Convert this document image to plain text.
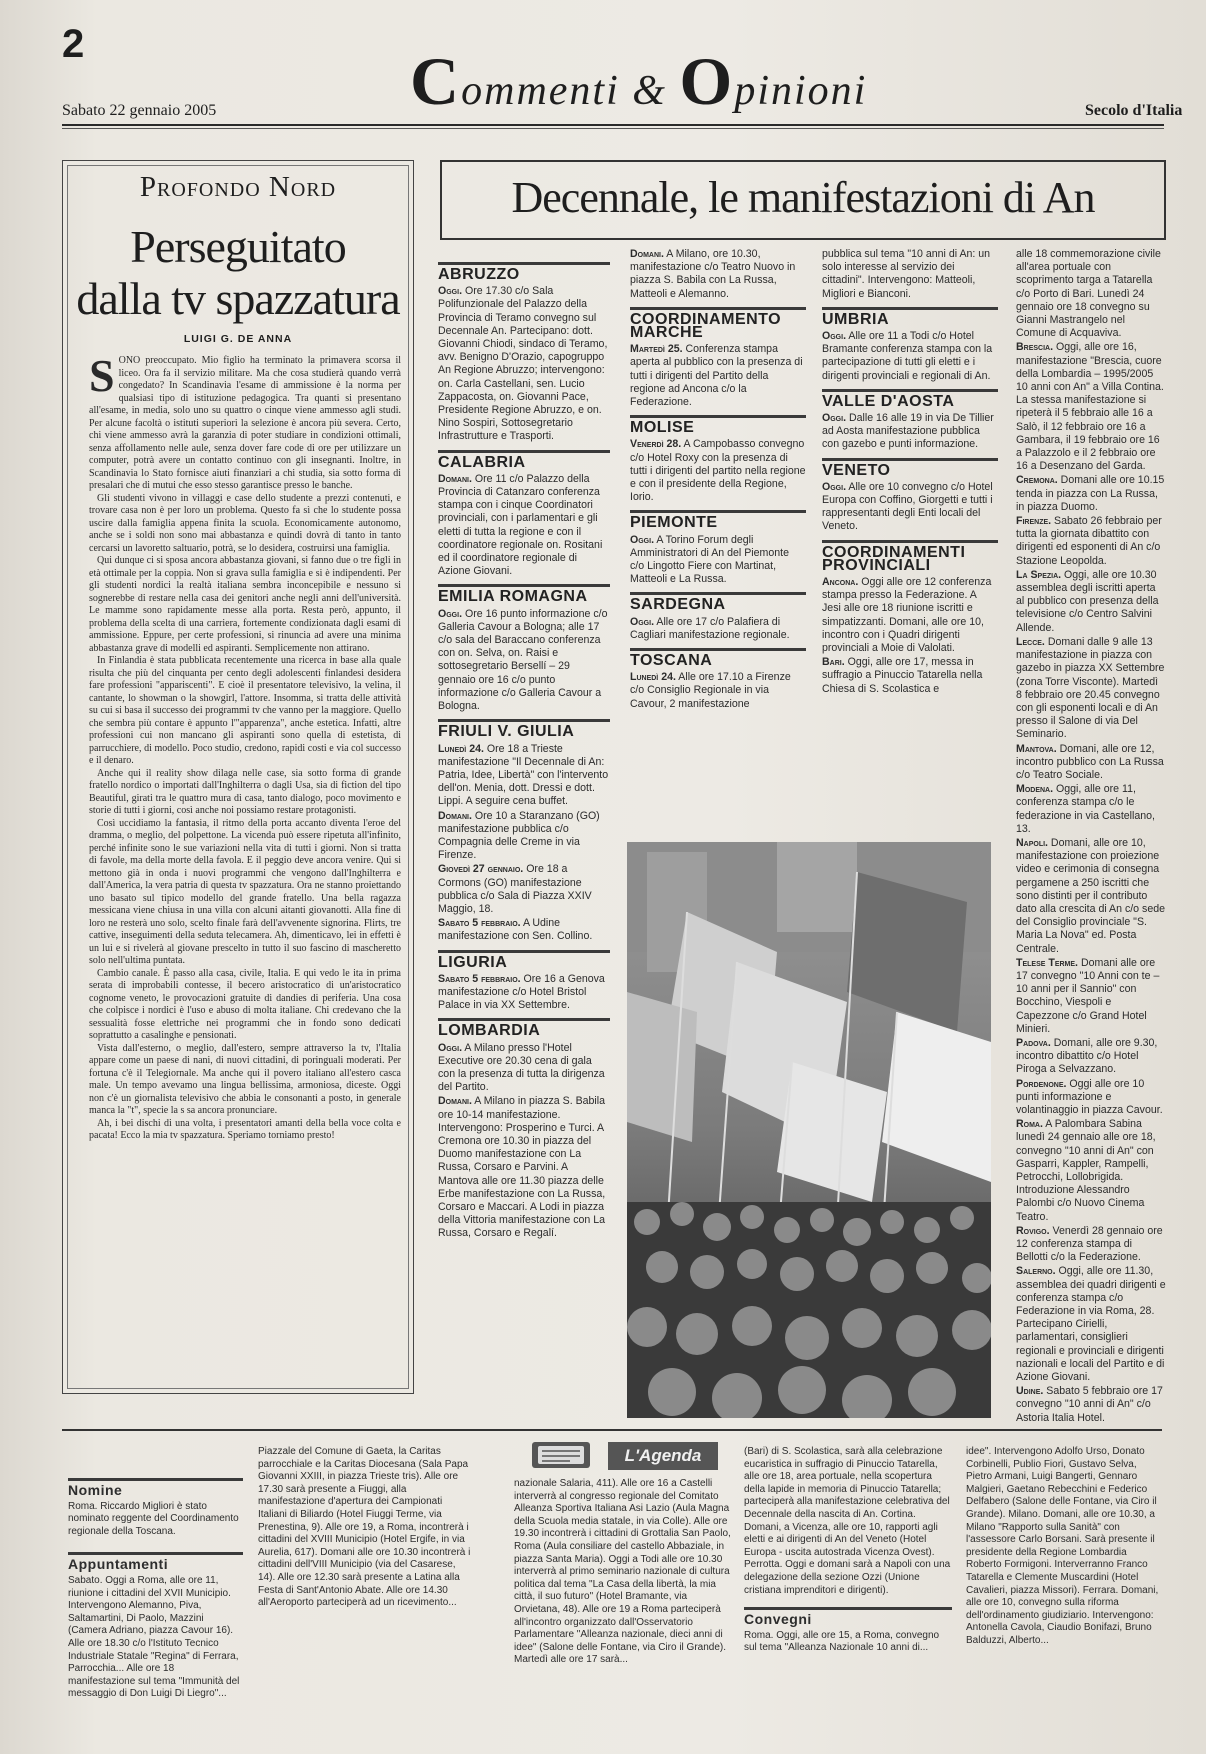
2	Commenti & Opinioni
Sabato 22 gennaio 2005	Secolo d'Italia
Profondo Nord
Perseguitato
dalla tv spazzatura
LUIGI G. DE ANNA
S ONO preoccupato. Mio figlio ha terminato la primavera scorsa il liceo. Ora fa il servizio militare. Ma che cosa studierà quando verrà congedato? In Scandinavia l'esame di ammissione è la norma per qualsiasi tipo di istituzione pedagogica. Tra quanti si presentano all'esame, in media, solo uno su quattro o cinque viene ammesso agli studi. Per alcune facoltà o istituti superiori la selezione è ancora più severa. Certo, chi viene ammesso avrà la garanzia di poter studiare in condizioni ottimali, senza affollamento nelle aule, senza dover fare code di ore per utilizzare un computer, potrà avere un contatto continuo con gli insegnanti. Inoltre, in Scandinavia lo Stato fornisce aiuti finanziari a chi studia, sia sotto forma di presalari che di mutui che esso stesso garantisce presso le banche.

Gli studenti vivono in villaggi e case dello studente a prezzi contenuti, e trovare casa non è per loro un problema. Questo fa sì che lo studente possa uscire dalla famiglia appena finita la scuola. Economicamente autonomo, anche se i soldi non sono mai abbastanza e quindi dovrà di tanto in tanto cercarsi un lavoretto saltuario, potrà, se lo desidera, costruirsi una famiglia.

Qui dunque ci si sposa ancora abbastanza giovani, si fanno due o tre figli in età ottimale per la coppia. Non si grava sulla famiglia e si è indipendenti. Per gli studenti nordici la realtà italiana sembra inconcepibile e nessuno si sognerebbe di restare nella casa dei genitori anche negli anni dell'università. Le mamme sono rapidamente messe alla porta. Resta però, appunto, il problema della scelta di una carriera, fortemente condizionata dagli esami di ammissione. Eppure, per certe professioni, si rinuncia ad avere una minima abbastanza grave di modelli ed aspiranti. Semplicemente non attirano.

In Finlandia è stata pubblicata recentemente una ricerca in base alla quale risulta che più del cinquanta per cento degli adolescenti finlandesi desidera fare professioni "appariscenti". E cioè il presentatore televisivo, la velina, il cantante, lo showman o la showgirl, l'attore. Insomma, si tratta delle attività su cui si basa il successo dei programmi tv che vanno per la maggiore. Quello che sembra più contare è appunto l'"apparenza", anche estetica. Infatti, altre professioni cui non mancano gli aspiranti sono quella di estetista, di parrucchiere, di modello. Poco studio, credono, rapidi costi e via col successo e il denaro.

Anche qui il reality show dilaga nelle case, sia sotto forma di grande fratello nordico o importati dall'Inghilterra o dagli Usa, sia di fiction del tipo Beautiful, girati tra le quattro mura di casa, tanto dialogo, poco movimento e storie di tutti i giorni, così anche noi possiamo restare protagonisti.

Così uccidiamo la fantasia, il ritmo della porta accanto diventa l'eroe del dramma, o meglio, del polpettone. La vicenda può essere ripetuta all'infinito, perché infinite sono le sue variazioni nella vita di tutti i giorni. Non si tratta di favole, ma della morte della favola. E il peggio deve ancora venire. Qui si mettono già in onda i nuovi programmi che vengono dall'Inghilterra e dall'America, la vera patria di questa tv spazzatura. Ora ne stanno proiettando uno basato sul tipico modello del grande fratello. Una bella ragazza messicana viene chiusa in una villa con alcuni aitanti giovanotti. Alla fine di loro ne resterà uno solo, scelto finale farà dell'avvenente signorina. Flirts, tre cattive, inseguimenti della seduta telecamera. Ah, dimenticavo, lei in effetti è un lui e si rivelerà al giovane prescelto in tutto il suo fascino di mascheretto solo nell'ultima puntata.

Cambio canale. È passo alla casa, civile, Italia. E qui vedo le ita in prima serata di improbabili contesse, il becero aristocratico di un'aristocratico cognome veneto, le provocazioni gratuite di dandies di periferia. Una cosa che colpisce i nordici è l'uso e abuso di molta italiane. Chi credevano che la sessualità fosse elettriche nei programmi che in fondo sono dedicati soprattutto a casalinghe e pensionati.

Vista dall'esterno, o meglio, dall'estero, sempre attraverso la tv, l'Italia appare come un paese di nani, di nuovi cittadini, di poringuali moderati. Per fortuna c'è il Telegiornale. Ma anche qui il povero italiano all'estero casca male. Un tempo avevamo una lingua bellissima, armoniosa, diceste. Oggi non c'è un giornalista televisivo che abbia le consonanti a posto, in generale manca la "t", specie la s sa ancora pronunciare.

Ah, i bei dischi di una volta, i presentatori amanti della bella voce colta e pacata! Ecco la mia tv spazzatura. Speriamo torniamo presto!

Decennale, le manifestazioni di An
ABRUZZO
Oggi. Ore 17.30 c/o Sala Polifunzionale del Palazzo della Provincia di Teramo convegno sul Decennale An. Partecipano: dott. Giovanni Chiodi, sindaco di Teramo, avv. Benigno D'Orazio, capogruppo An Regione Abruzzo; intervengono: on. Carla Castellani, sen. Lucio Zappacosta, on. Giovanni Pace, Presidente Regione Abruzzo, e on. Nino Sospiri, Sottosegretario Infrastrutture e Trasporti.
CALABRIA
Domani. Ore 11 c/o Palazzo della Provincia di Catanzaro conferenza stampa con i cinque Coordinatori provinciali, con i parlamentari e gli eletti di tutta la regione e con il coordinatore regionale on. Rositani ed il coordinatore regionale di Azione Giovani.
EMILIA ROMAGNA
Oggi. Ore 16 punto informazione c/o Galleria Cavour a Bologna; alle 17 c/o sala del Baraccano conferenza con on. Selva, on. Raisi e sottosegretario Bersellí – 29 gennaio ore 16 c/o punto informazione c/o Galleria Cavour a Bologna.
FRIULI V. GIULIA
Lunedì 24. Ore 18 a Trieste manifestazione "Il Decennale di An: Patria, Idee, Libertà" con l'intervento dell'on. Menia, dott. Dressi e dott. Lippi. A seguire cena buffet.
Domani. Ore 10 a Staranzano (GO) manifestazione pubblica c/o Compagnia delle Creme in via Firenze.
Giovedì 27 gennaio. Ore 18 a Cormons (GO) manifestazione pubblica c/o Sala di Piazza XXIV Maggio, 18.
Sabato 5 febbraio. A Udine manifestazione con Sen. Collino.
LIGURIA
Sabato 5 febbraio. Ore 16 a Genova manifestazione c/o Hotel Bristol Palace in via XX Settembre.
LOMBARDIA
Oggi. A Milano presso l'Hotel Executive ore 20.30 cena di gala con la presenza di tutta la dirigenza del Partito.
Domani. A Milano in piazza S. Babila ore 10-14 manifestazione. Intervengono: Prosperino e Turci. A Cremona ore 10.30 in piazza del Duomo manifestazione con La Russa, Corsaro e Parvini. A Mantova alle ore 11.30 piazza delle Erbe manifestazione con La Russa, Corsaro e Maccari. A Lodi in piazza della Vittoria manifestazione con La Russa, Corsaro e Regalí.
Domani. A Milano, ore 10.30, manifestazione c/o Teatro Nuovo in piazza S. Babila con La Russa, Matteoli e Alemanno.
COORDINAMENTO MARCHE
Martedì 25. Conferenza stampa aperta al pubblico con la presenza di tutti i dirigenti del Partito della regione ad Ancona c/o la Federazione.
MOLISE
Venerdì 28. A Campobasso convegno c/o Hotel Roxy con la presenza di tutti i dirigenti del partito nella regione e con il presidente della Regione, Iorio.
PIEMONTE
Oggi. A Torino Forum degli Amministratori di An del Piemonte c/o Lingotto Fiere con Martinat, Matteoli e La Russa.
SARDEGNA
Oggi. Alle ore 17 c/o Palafiera di Cagliari manifestazione regionale.
TOSCANA
Lunedì 24. Alle ore 17.10 a Firenze c/o Consiglio Regionale in via Cavour, 2 manifestazione
pubblica sul tema "10 anni di An: un solo interesse al servizio dei cittadini". Intervengono: Matteoli, Migliori e Bianconi.
UMBRIA
Oggi. Alle ore 11 a Todi c/o Hotel Bramante conferenza stampa con la partecipazione di tutti gli eletti e i dirigenti provinciali e regionali di An.
VALLE D'AOSTA
Oggi. Dalle 16 alle 19 in via De Tillier ad Aosta manifestazione pubblica con gazebo e punti informazione.
VENETO
Oggi. Alle ore 10 convegno c/o Hotel Europa con Coffino, Giorgetti e tutti i rappresentanti degli Enti locali del Veneto.
COORDINAMENTI PROVINCIALI
Ancona. Oggi alle ore 12 conferenza stampa presso la Federazione. A Jesi alle ore 18 riunione iscritti e simpatizzanti. Domani, alle ore 10, incontro con i Quadri dirigenti provinciali a Moie di Valolati.
Bari. Oggi, alle ore 17, messa in suffragio a Pinuccio Tatarella nella Chiesa di S. Scolastica e
alle 18 commemorazione civile all'area portuale con scoprimento targa a Tatarella c/o Porto di Bari. Lunedì 24 gennaio ore 18 convegno su Gianni Mastrangelo nel Comune di Acquaviva.
Brescia. Oggi, alle ore 16, manifestazione "Brescia, cuore della Lombardia – 1995/2005 10 anni con An" a Villa Contina. La stessa manifestazione si ripeterà il 5 febbraio alle 16 a Salò, il 12 febbraio ore 16 a Gambara, il 19 febbraio ore 16 a Palazzolo e il 2 febbraio ore 16 a Desenzano del Garda.
Cremona. Domani alle ore 10.15 tenda in piazza con La Russa, in piazza Duomo.
Firenze. Sabato 26 febbraio per tutta la giornata dibattito con dirigenti ed esponenti di An c/o Stazione Leopolda.
La Spezia. Oggi, alle ore 10.30 assemblea degli iscritti aperta al pubblico con presenza della televisione c/o Centro Salvini Allende.
Lecce. Domani dalle 9 alle 13 manifestazione in piazza con gazebo in piazza XX Settembre (zona Torre Visconte). Martedì 8 febbraio ore 20.45 convegno con gli esponenti locali e di An presso il Salone di via Del Seminario.
Mantova. Domani, alle ore 12, incontro pubblico con La Russa c/o Teatro Sociale.
Modena. Oggi, alle ore 11, conferenza stampa c/o le federazione in via Castellano, 13.
Napoli. Domani, alle ore 10, manifestazione con proiezione video e cerimonia di consegna pergamene a 250 iscritti che sono distinti per il contributo dato alla crescita di An c/o sede del Consiglio provinciale "S. Maria La Nova" ed. Posta Centrale.
Telese Terme. Domani alle ore 17 convegno "10 Anni con te – 10 anni per il Sannio" con Bocchino, Viespoli e Capezzone c/o Grand Hotel Minieri.
Padova. Domani, alle ore 9.30, incontro dibattito c/o Hotel Piroga a Selvazzano.
Pordenone. Oggi alle ore 10 punti informazione e volantinaggio in piazza Cavour.
Roma. A Palombara Sabina lunedì 24 gennaio alle ore 18, convegno "10 anni di An" con Gasparri, Kappler, Rampelli, Petrocchi, Lollobrigida. Introduzione Alessandro Palombi c/o Nuovo Cinema Teatro.
Rovigo. Venerdì 28 gennaio ore 12 conferenza stampa di Bellotti c/o la Federazione.
Salerno. Oggi, alle ore 11.30, assemblea dei quadri dirigenti e conferenza stampa c/o Federazione in via Roma, 28. Partecipano Cirielli, parlamentari, consiglieri regionali e provinciali e dirigenti nazionali e locali del Partito e di Azione Giovani.
Udine. Sabato 5 febbraio ore 17 convegno "10 anni di An" c/o Astoria Italia Hotel.
L'Agenda
Nomine
Roma. Riccardo Migliori è stato nominato reggente del Coordinamento regionale della Toscana.
Appuntamenti
Sabato. Oggi a Roma, alle ore 11, riunione i cittadini del XVII Municipio. Intervengono Alemanno, Piva, Saltamartini, Di Paolo, Mazzini (Camera Adriano, piazza Cavour 16). Alle ore 18.30 c/o l'Istituto Tecnico Industriale Statale "Regina" di Ferrara, Parrocchia... Alle ore 18 manifestazione sul tema "Immunità del messaggio di Don Luigi Di Liegro"...
Piazzale del Comune di Gaeta, la Caritas parrocchiale e la Caritas Diocesana (Sala Papa Giovanni XXIII, in piazza Trieste tris). Alle ore 17.30 sarà presente a Fiuggi, alla manifestazione d'apertura dei Campionati Italiani di Biliardo (Hotel Fiuggi Terme, via Prenestina, 9). Alle ore 19, a Roma, incontrerà i cittadini del XVIII Municipio (Hotel Ergife, in via Aurelia, 617). Domani alle ore 10.30 incontrerà i cittadini dell'VIII Municipio (via del Casarese, 14). Alle ore 12.30 sarà presente a Latina alla Festa di Sant'Antonio Abate. Alle ore 14.30 all'Aeroporto parteciperà ad un ricevimento...
nazionale Salaria, 411). Alle ore 16 a Castelli interverrà al congresso regionale del Comitato Alleanza Sportiva Italiana Asi Lazio (Aula Magna della Scuola media statale, in via Colle). Alle ore 19.30 incontrerà i cittadini di Grottalia San Paolo, Roma (Aula consiliare del castello Abbaziale, in piazza Santa Maria). Oggi a Todi alle ore 10.30 interverrà al primo seminario nazionale di cultura politica dal tema "La Casa della libertà, la mia città, il suo futuro" (Hotel Bramante, via Orvietana, 48). Alle ore 19 a Roma parteciperà all'incontro organizzato dall'Osservatorio Parlamentare "Alleanza nazionale, dieci anni di idee" (Salone delle Fontane, via Ciro il Grande). Martedì alle ore 17 sarà...
(Bari) di S. Scolastica, sarà alla celebrazione eucaristica in suffragio di Pinuccio Tatarella, alle ore 18, area portuale, nella scopertura della lapide in memoria di Pinuccio Tatarella; parteciperà alla manifestazione celebrativa del Decennale della nascita di An. Cortina. Domani, a Vicenza, alle ore 10, rapporti agli eletti e ai dirigenti di An del Veneto (Hotel Europa - uscita autostrada Vicenza Ovest). Perrotta. Oggi e domani sarà a Napoli con una delegazione della sezione Ozzi (Unione cristiana imprenditori e dirigenti).
Convegni
Roma. Oggi, alle ore 15, a Roma, convegno sul tema "Alleanza Nazionale 10 anni di...
idee". Intervengono Adolfo Urso, Donato Corbinelli, Publio Fiori, Gustavo Selva, Pietro Armani, Luigi Bangerti, Gennaro Malgieri, Gaetano Rebecchini e Federico Delfabero (Salone delle Fontane, via Ciro il Grande). Milano. Domani, alle ore 10.30, a Milano "Rapporto sulla Sanità" con l'assessore Carlo Borsani. Sarà presente il presidente della Regione Lombardia Roberto Formigoni. Interverranno Franco Tatarella e Clemente Muscardini (Hotel Cavalieri, piazza Missori). Ferrara. Domani, alle ore 10, convegno sulla riforma dell'ordinamento giudiziario. Intervengono: Antonella Cavola, Ciaudio Bonifazi, Bruno Balduzzi, Alberto...
